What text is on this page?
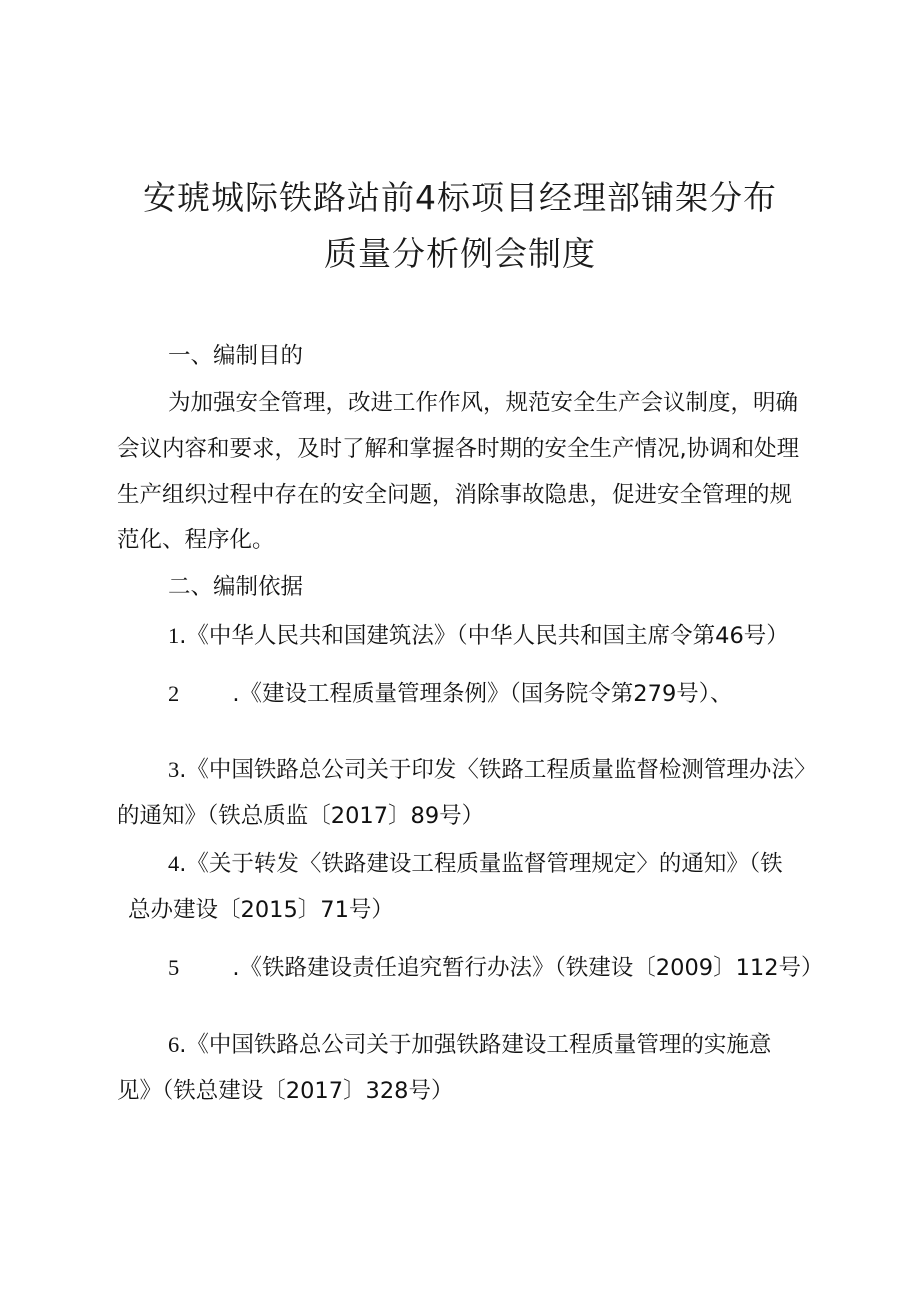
安琥城际铁路站前4标项目经理部铺架分布
质量分析例会制度
一、编制目的
为加强安全管理，改进工作作风，规范安全生产会议制度，明确
会议内容和要求，及时了解和掌握各时期的安全生产情况,协调和处理
生产组织过程中存在的安全问题，消除事故隐患，促进安全管理的规
范化、程序化。
二、编制依据
1.《中华人民共和国建筑法》（中华人民共和国主席令第46号）
2 .《建设工程质量管理条例》（国务院令第279号）、
3.《中国铁路总公司关于印发〈铁路工程质量监督检测管理办法〉
的通知》（铁总质监〔2017〕89号）
4.《关于转发〈铁路建设工程质量监督管理规定〉的通知》（铁
总办建设〔2015〕71号）
5 .《铁路建设责任追究暂行办法》（铁建设〔2009〕112号）
6.《中国铁路总公司关于加强铁路建设工程质量管理的实施意
见》（铁总建设〔2017〕328号）
